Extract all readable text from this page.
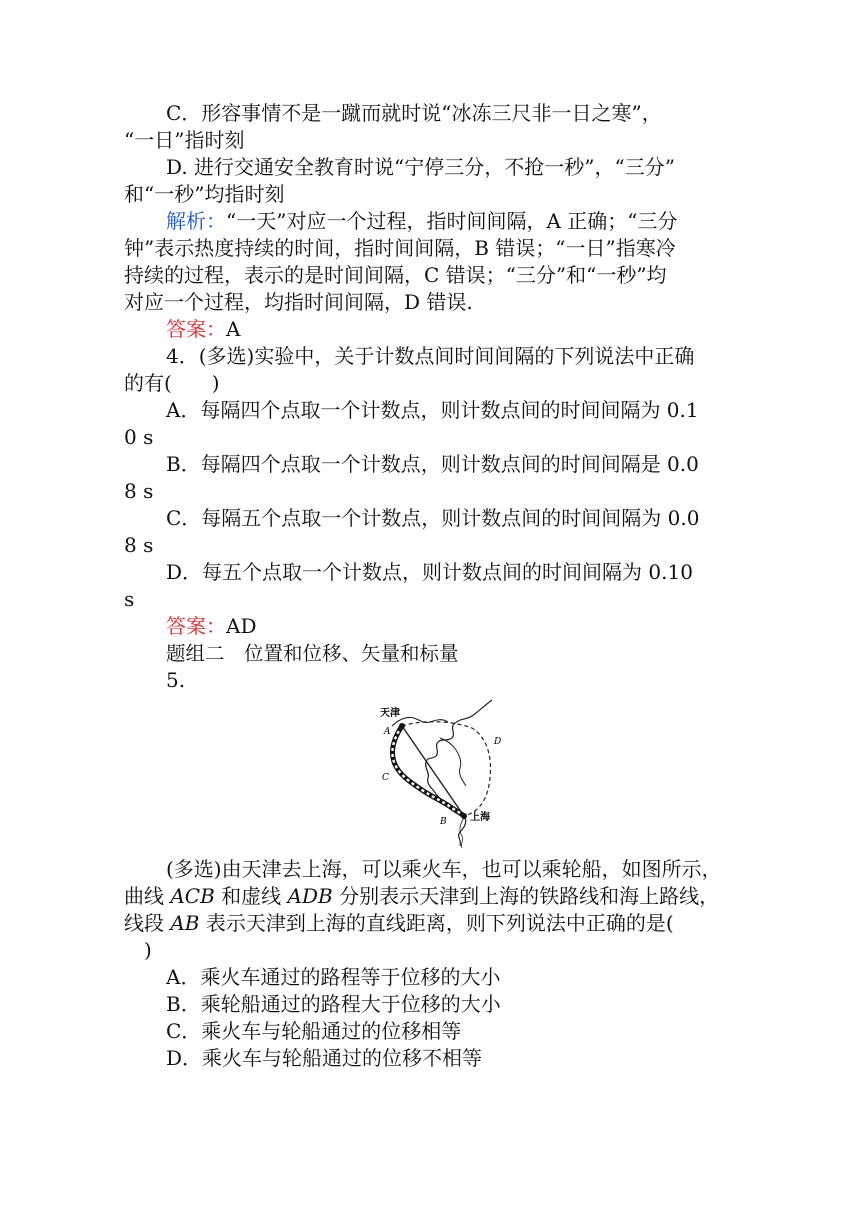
C．形容事情不是一蹴而就时说“冰冻三尺非一日之寒”，
“一日”指时刻
D. 进行交通安全教育时说“宁停三分，不抢一秒”，“三分”
和“一秒”均指时刻
解析：“一天”对应一个过程，指时间间隔，A 正确；“三分
钟”表示热度持续的时间，指时间间隔，B 错误；“一日”指寒冷
持续的过程，表示的是时间间隔，C 错误；“三分”和“一秒”均
对应一个过程，均指时间间隔，D 错误.
答案：A
4．(多选)实验中，关于计数点间时间间隔的下列说法中正确
的有(　　)
A．每隔四个点取一个计数点，则计数点间的时间间隔为 0.1
0 s
B．每隔四个点取一个计数点，则计数点间的时间间隔是 0.0
8 s
C．每隔五个点取一个计数点，则计数点间的时间间隔为 0.0
8 s
D．每五个点取一个计数点，则计数点间的时间间隔为 0.10
s
答案：AD
题组二　位置和位移、矢量和标量
5.
天津
A
D
C
B 上海
(多选)由天津去上海，可以乘火车，也可以乘轮船，如图所示，
曲线 ACB 和虚线 ADB 分别表示天津到上海的铁路线和海上路线，
线段 AB 表示天津到上海的直线距离，则下列说法中正确的是(
　)
A．乘火车通过的路程等于位移的大小
B．乘轮船通过的路程大于位移的大小
C．乘火车与轮船通过的位移相等
D．乘火车与轮船通过的位移不相等
